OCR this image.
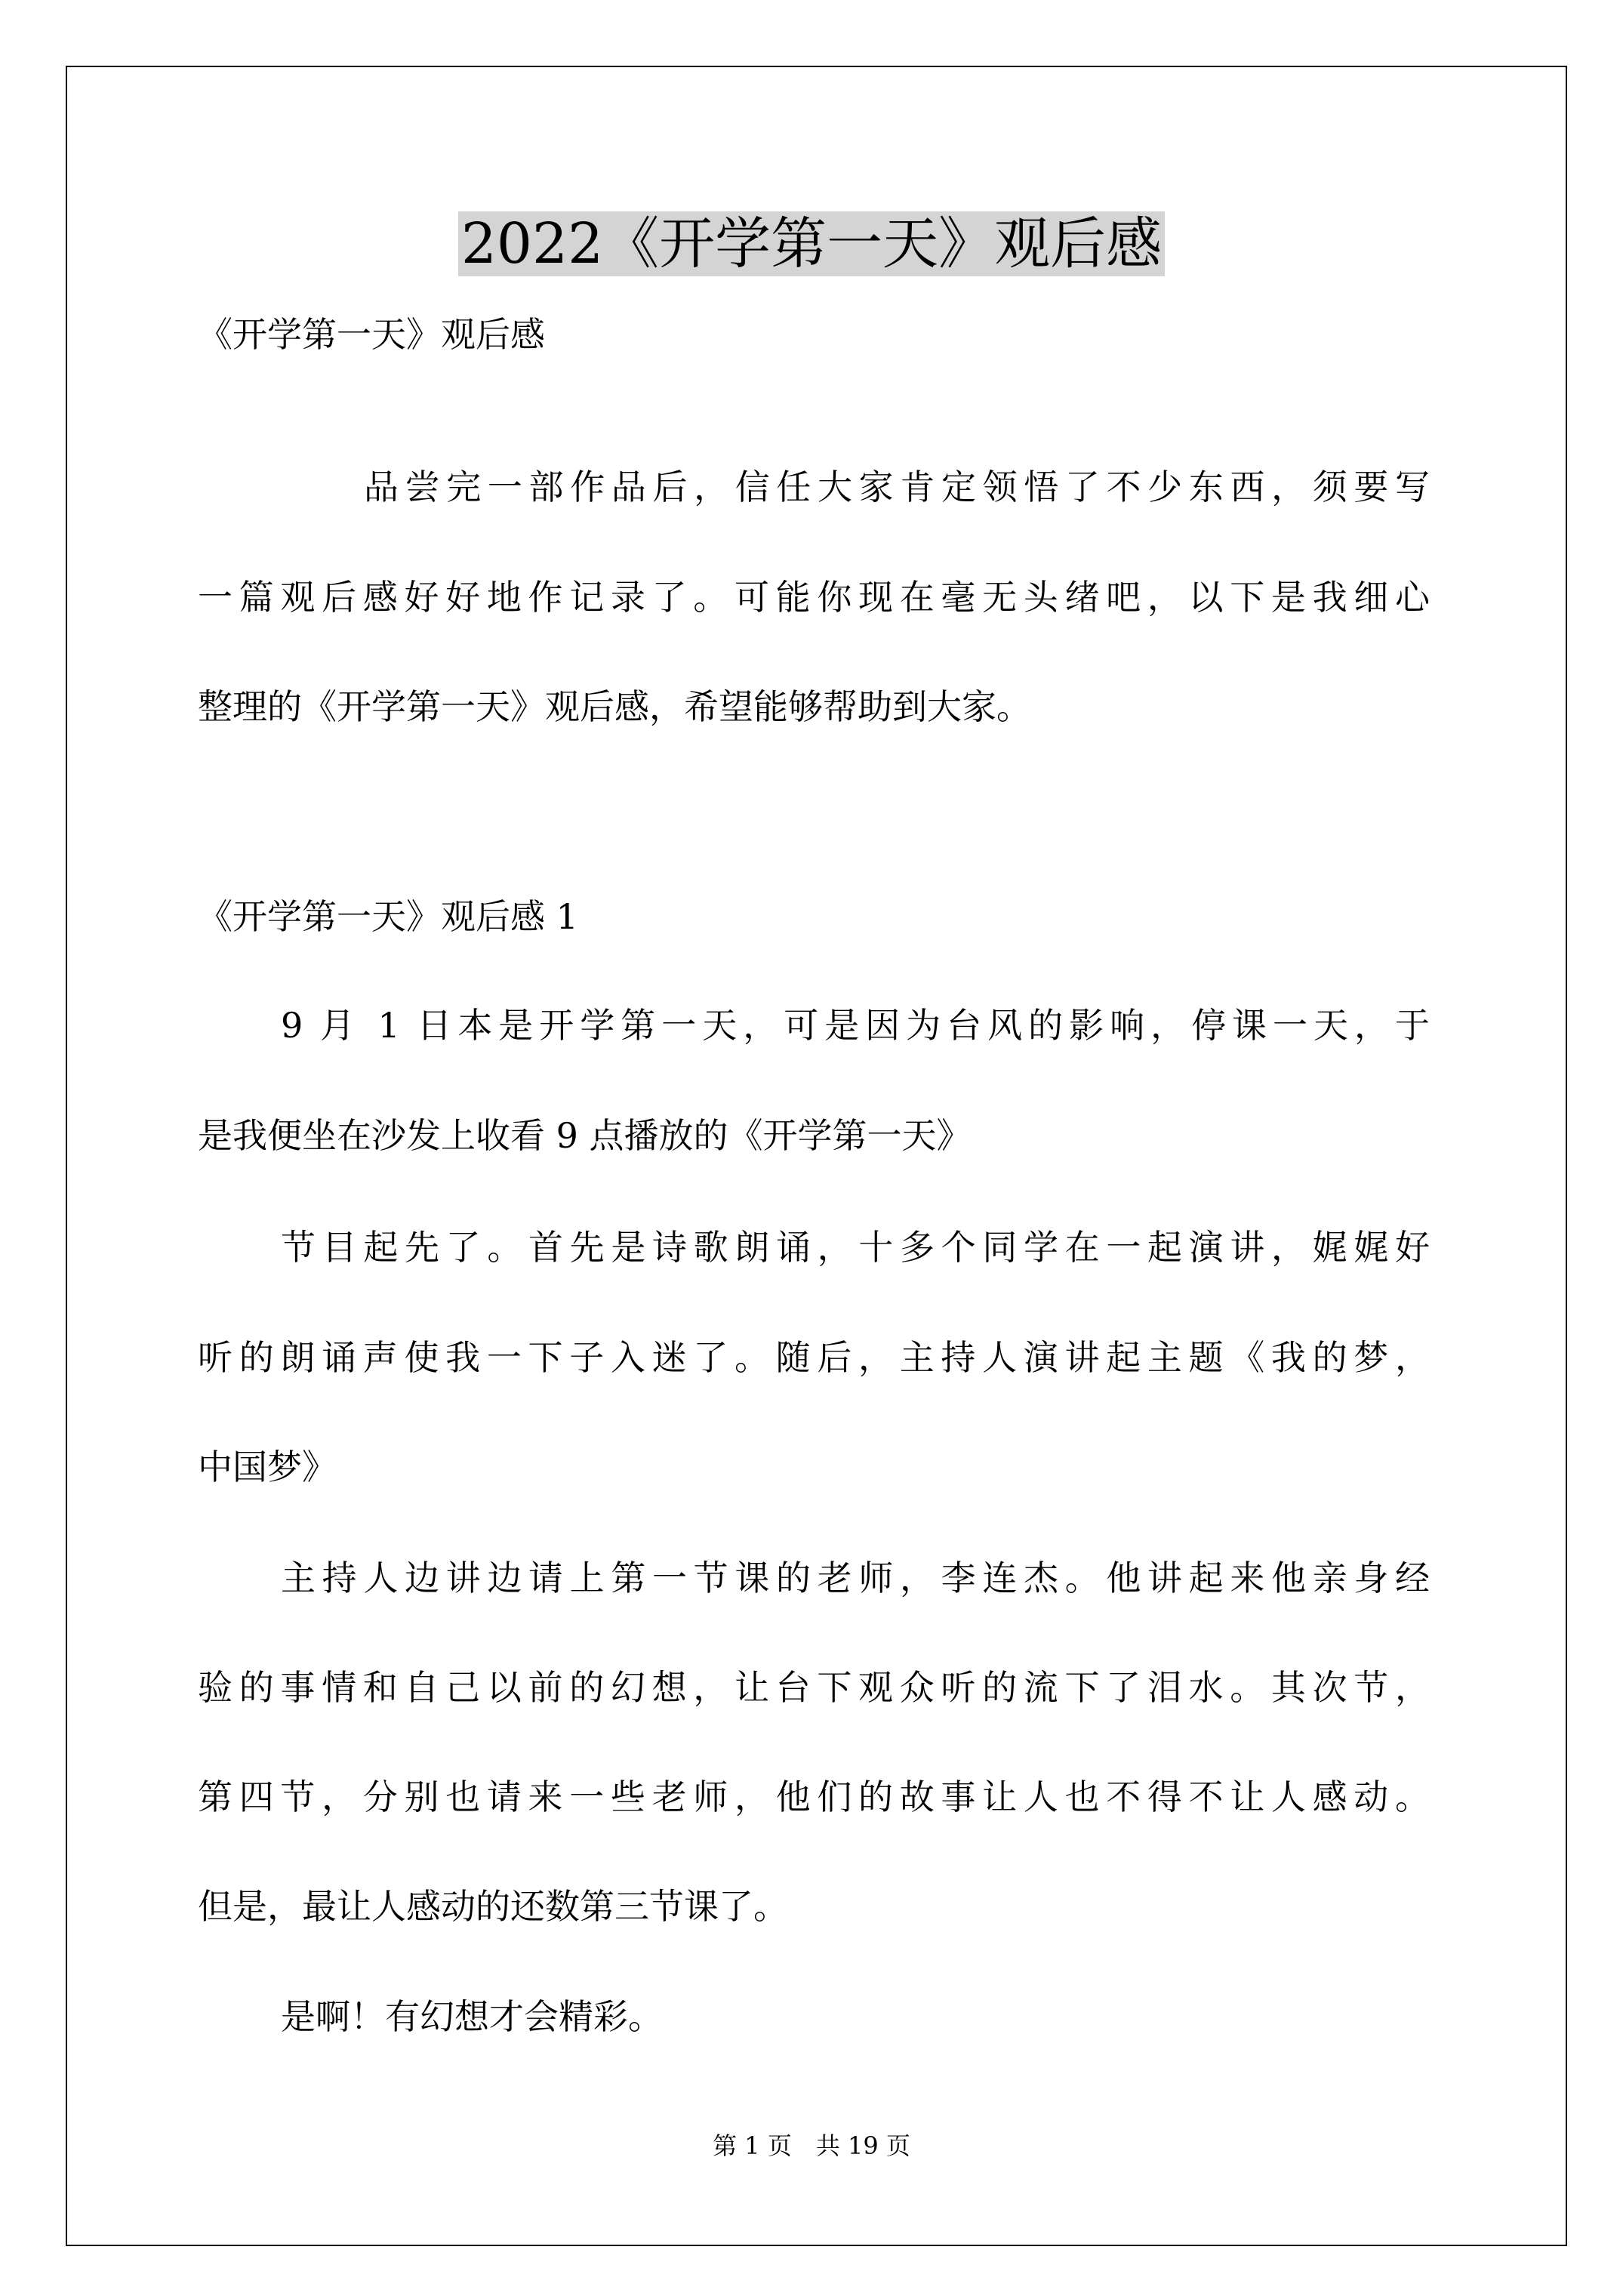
2022《开学第一天》观后感
《开学第一天》观后感
品尝完一部作品后，信任大家肯定领悟了不少东西，须要写
一篇观后感好好地作记录了。可能你现在毫无头绪吧，以下是我细心
整理的《开学第一天》观后感，希望能够帮助到大家。
《开学第一天》观后感 1
9 月 1 日本是开学第一天，可是因为台风的影响，停课一天，于
是我便坐在沙发上收看 9 点播放的《开学第一天》
节目起先了。首先是诗歌朗诵，十多个同学在一起演讲，娓娓好
听的朗诵声使我一下子入迷了。随后，主持人演讲起主题《我的梦，
中国梦》
主持人边讲边请上第一节课的老师，李连杰。他讲起来他亲身经
验的事情和自己以前的幻想，让台下观众听的流下了泪水。其次节，
第四节，分别也请来一些老师，他们的故事让人也不得不让人感动。
但是，最让人感动的还数第三节课了。
是啊！有幻想才会精彩。
第 1 页　共 19 页
